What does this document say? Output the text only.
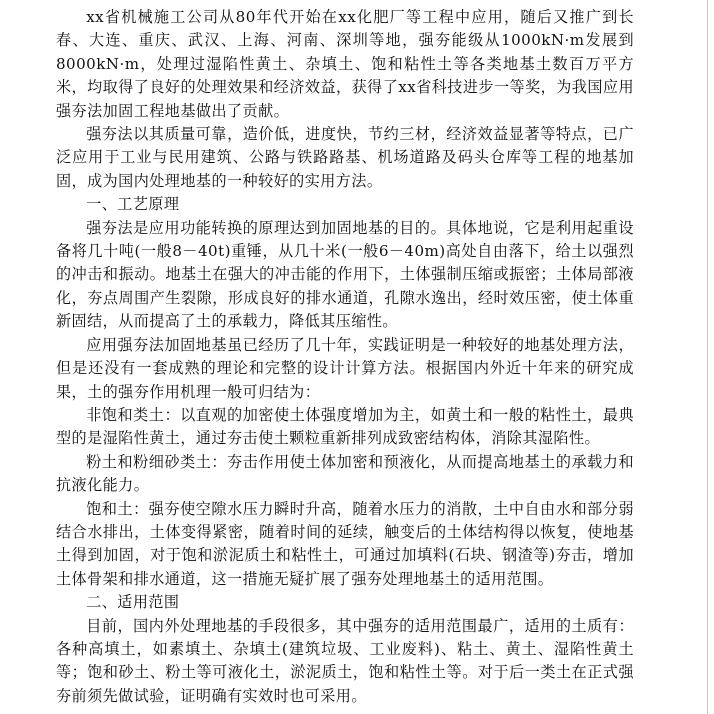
xx省机械施工公司从80年代开始在xx化肥厂等工程中应用，随后又推广到长春、大连、重庆、武汉、上海、河南、深圳等地，强夯能级从1000kN·m发展到8000kN·m，处理过湿陷性黄土、杂填土、饱和粘性土等各类地基土数百万平方米，均取得了良好的处理效果和经济效益，获得了xx省科技进步一等奖，为我国应用强夯法加固工程地基做出了贡献。

强夯法以其质量可靠，造价低，进度快，节约三材，经济效益显著等特点，已广泛应用于工业与民用建筑、公路与铁路路基、机场道路及码头仓库等工程的地基加固，成为国内处理地基的一种较好的实用方法。

一、工艺原理

强夯法是应用功能转换的原理达到加固地基的目的。具体地说，它是利用起重设备将几十吨(一般8－40t)重锤，从几十米(一般6－40m)高处自由落下，给土以强烈的冲击和振动。地基土在强大的冲击能的作用下，土体强制压缩或振密；土体局部液化，夯点周围产生裂隙，形成良好的排水通道，孔隙水逸出，经时效压密，使土体重新固结，从而提高了土的承载力，降低其压缩性。

应用强夯法加固地基虽已经历了几十年，实践证明是一种较好的地基处理方法，但是还没有一套成熟的理论和完整的设计计算方法。根据国内外近十年来的研究成果，土的强夯作用机理一般可归结为：

非饱和类土：以直观的加密使土体强度增加为主，如黄土和一般的粘性土，最典型的是湿陷性黄土，通过夯击使土颗粒重新排列成致密结构体，消除其湿陷性。

粉土和粉细砂类土：夯击作用使土体加密和预液化，从而提高地基土的承载力和抗液化能力。

饱和土：强夯使空隙水压力瞬时升高，随着水压力的消散，土中自由水和部分弱结合水排出，土体变得紧密，随着时间的延续，触变后的土体结构得以恢复，使地基土得到加固，对于饱和淤泥质土和粘性土，可通过加填料(石块、钢渣等)夯击，增加土体骨架和排水通道，这一措施无疑扩展了强夯处理地基土的适用范围。

二、适用范围

目前，国内外处理地基的手段很多，其中强夯的适用范围最广，适用的土质有：各种高填土，如素填土、杂填土(建筑垃圾、工业废料)、粘土、黄土、湿陷性黄土等；饱和砂土、粉土等可液化土，淤泥质土，饱和粘性土等。对于后一类土在正式强夯前须先做试验，证明确有实效时也可采用。
